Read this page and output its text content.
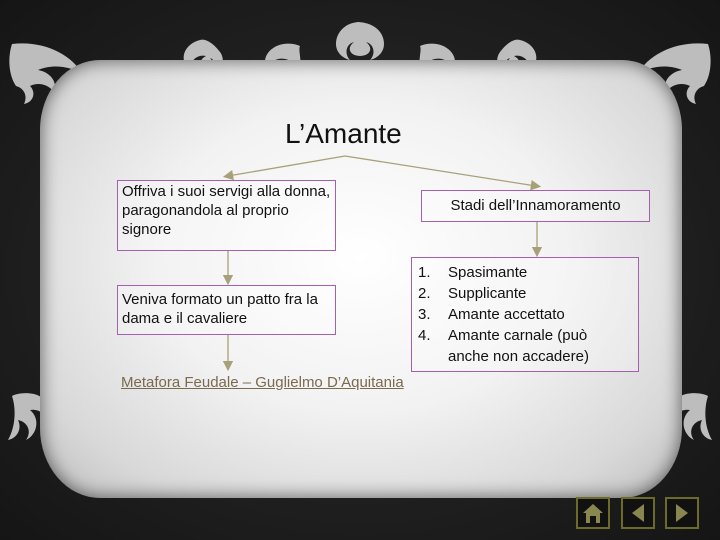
L’Amante
Offriva i suoi servigi alla donna, paragonandola al proprio signore
Veniva formato un patto fra la dama e il cavaliere
Metafora Feudale – Guglielmo D’Aquitania
Stadi dell’Innamoramento
1.	Spasimante
2.	Supplicante
3.	Amante accettato
4.	Amante carnale (può anche non accadere)
